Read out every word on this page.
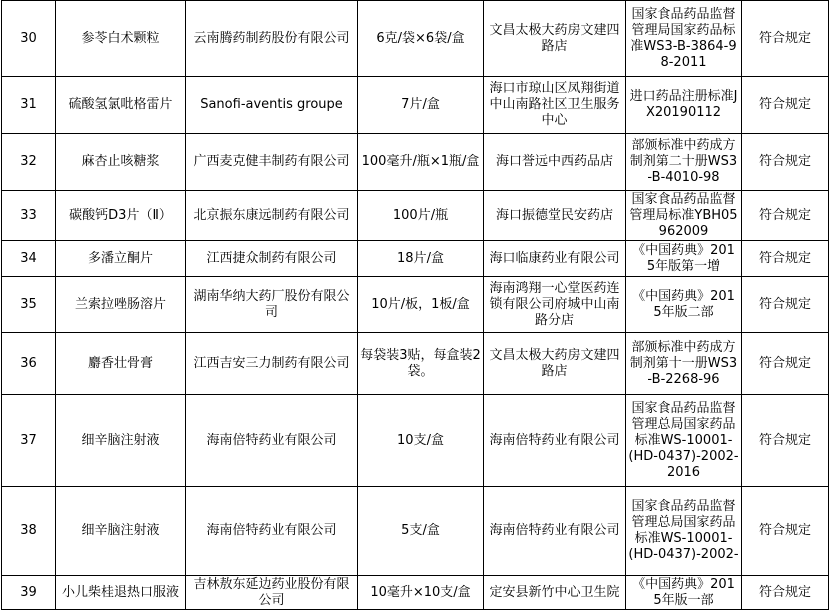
30	参苓白术颗粒	云南腾药制药股份有限公司	6克/袋×6袋/盒	文昌太极大药房文建四路店	国家食品药品监督管理局国家药品标准WS3-B-3864-98-2011	符合规定
31	硫酸氢氯吡格雷片	Sanofi-aventis groupe	7片/盒	海口市琼山区凤翔街道中山南路社区卫生服务中心	进口药品注册标准JX20190112	符合规定
32	麻杏止咳糖浆	广西麦克健丰制药有限公司	100毫升/瓶×1瓶/盒	海口誉远中西药品店	部颁标准中药成方制剂第二十册WS3-B-4010-98	符合规定
33	碳酸钙D3片（Ⅱ）	北京振东康远制药有限公司	100片/瓶	海口振德堂民安药店	国家食品药品监督管理局标准YBH05962009	符合规定
34	多潘立酮片	江西捷众制药有限公司	18片/盒	海口临康药业有限公司	《中国药典》2015年版第一增	符合规定
35	兰索拉唑肠溶片	湖南华纳大药厂股份有限公司	10片/板，1板/盒	海南鸿翔一心堂医药连锁有限公司府城中山南路分店	《中国药典》2015年版二部	符合规定
36	麝香壮骨膏	江西吉安三力制药有限公司	每袋装3贴，每盒装2袋。	文昌太极大药房文建四路店	部颁标准中药成方制剂第十一册WS3-B-2268-96	符合规定
37	细辛脑注射液	海南倍特药业有限公司	10支/盒	海南倍特药业有限公司	国家食品药品监督管理总局国家药品标准WS-10001-(HD-0437)-2002-2016	符合规定
38	细辛脑注射液	海南倍特药业有限公司	5支/盒	海南倍特药业有限公司	国家食品药品监督管理总局国家药品标准WS-10001-(HD-0437)-2002-	符合规定
39	小儿柴桂退热口服液	吉林敖东延边药业股份有限公司	10毫升×10支/盒	定安县新竹中心卫生院	《中国药典》2015年版一部	符合规定
